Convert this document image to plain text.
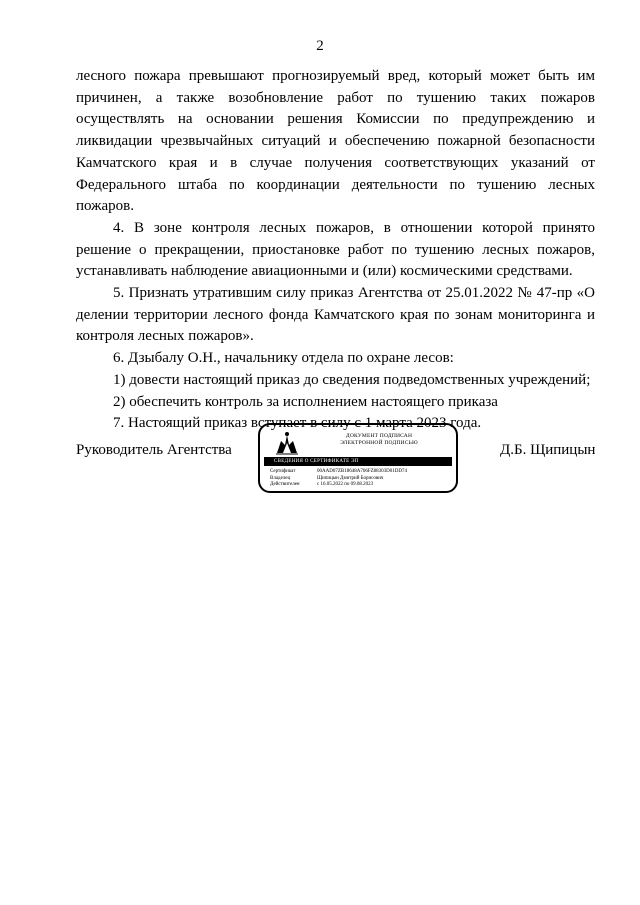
2

лесного пожара превышают прогнозируемый вред, который может быть им причинен, а также возобновление работ по тушению таких пожаров осуществлять на основании решения Комиссии по предупреждению и ликвидации чрезвычайных ситуаций и обеспечению пожарной безопасности Камчатского края и в случае получения соответствующих указаний от Федерального штаба по координации деятельности по тушению лесных пожаров.

4. В зоне контроля лесных пожаров, в отношении которой принято решение о прекращении, приостановке работ по тушению лесных пожаров, устанавливать наблюдение авиационными и (или) космическими средствами.

5. Признать утратившим силу приказ Агентства от 25.01.2022 № 47-пр «О делении территории лесного фонда Камчатского края по зонам мониторинга и контроля лесных пожаров».

6. Дзыбалу О.Н., начальнику отдела по охране лесов:

1) довести настоящий приказ до сведения подведомственных учреждений;

2) обеспечить контроль за исполнением настоящего приказа

7. Настоящий приказ вступает в силу с 1 марта 2023 года.

Руководитель Агентства
ДОКУМЕНТ ПОДПИСАН
ЭЛЕКТРОННОЙ ПОДПИСЬЮ
СВЕДЕНИЯ О СЕРТИФИКАТЕ ЭП
Сертификат	00AAD07ZB18648A706FZ88303D01DD74
Владелец	Щипицын Дмитрий Борисович
Действителен	с 16.05.2022 по 09.08.2023
Д.Б. Щипицын
